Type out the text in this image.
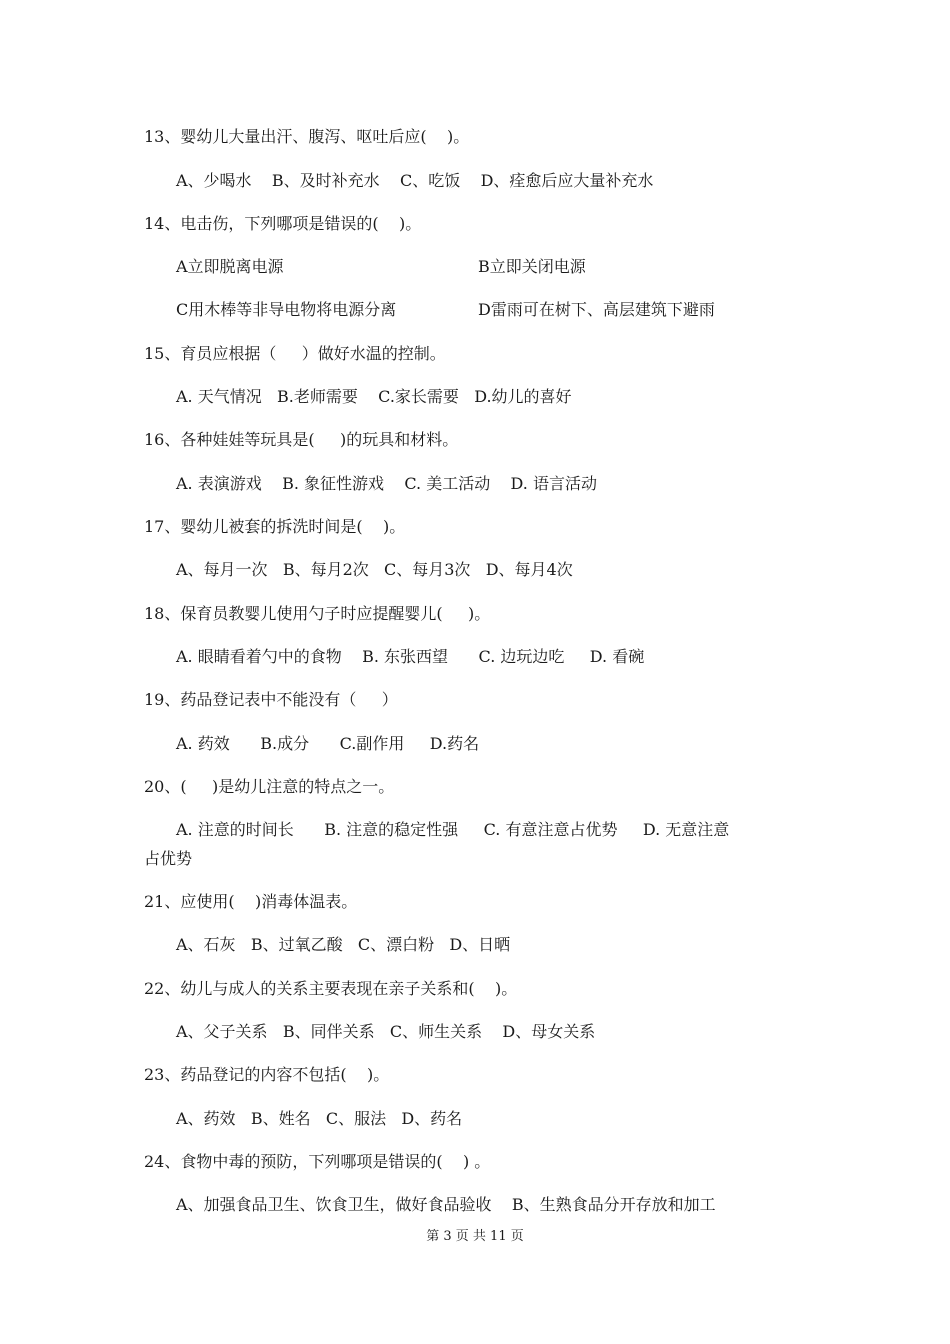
13、婴幼儿大量出汗、腹泻、呕吐后应(    )。
A、少喝水    B、及时补充水    C、吃饭    D、痊愈后应大量补充水
14、电击伤，下列哪项是错误的(    )。
A立即脱离电源	B立即关闭电源
C用木棒等非导电物将电源分离	D雷雨可在树下、高层建筑下避雨
15、育员应根据（     ）做好水温的控制。
A. 天气情况   B.老师需要    C.家长需要   D.幼儿的喜好
16、各种娃娃等玩具是(     )的玩具和材料。
A. 表演游戏    B. 象征性游戏    C. 美工活动    D. 语言活动
17、婴幼儿被套的拆洗时间是(    )。
A、每月一次   B、每月2次   C、每月3次   D、每月4次
18、保育员教婴儿使用勺子时应提醒婴儿(     )。
A. 眼睛看着勺中的食物    B. 东张西望      C. 边玩边吃     D. 看碗
19、药品登记表中不能没有（     ）
A. 药效      B.成分      C.副作用     D.药名
20、(     )是幼儿注意的特点之一。
A. 注意的时间长      B. 注意的稳定性强     C. 有意注意占优势     D. 无意注意
占优势
21、应使用(    )消毒体温表。
A、石灰   B、过氧乙酸   C、漂白粉   D、日晒
22、幼儿与成人的关系主要表现在亲子关系和(    )。
A、父子关系   B、同伴关系   C、师生关系    D、母女关系
23、药品登记的内容不包括(    )。
A、药效   B、姓名   C、服法   D、药名
24、食物中毒的预防，下列哪项是错误的(    ) 。
A、加强食品卫生、饮食卫生，做好食品验收    B、生熟食品分开存放和加工
第 3 页 共 11 页
